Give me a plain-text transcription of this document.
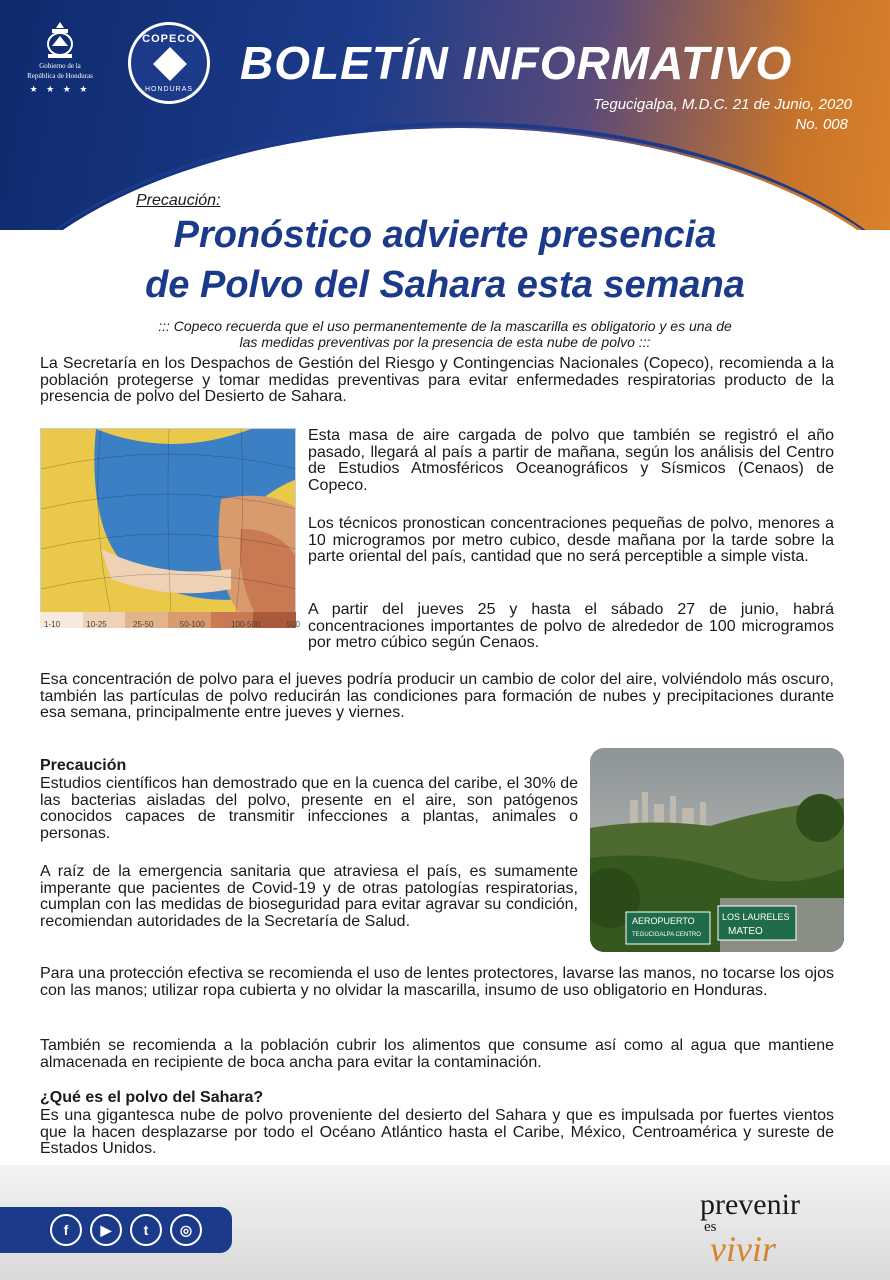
Gobierno de la
República de Honduras
★ ★ ★ ★
COPECO
HONDURAS
BOLETÍN INFORMATIVO
Tegucigalpa, M.D.C. 21 de Junio, 2020
No. 008
Precaución:
Pronóstico advierte presencia
de Polvo del Sahara esta semana
::: Copeco recuerda que el uso permanentemente de la mascarilla es obligatorio y es una de
las medidas preventivas por la presencia de esta nube de polvo :::
La Secretaría en los Despachos de Gestión del Riesgo y Contingencias Nacionales (Copeco), recomienda a la población protegerse y tomar medidas preventivas para evitar enfermedades respiratorias producto de la presencia de polvo del Desierto de Sahara.
1-10	10-25	25-50	50-100	100-500	500
Esta masa de aire cargada de polvo que también se registró el año pasado, llegará al país a partir de mañana, según los análisis del Centro de Estudios Atmosféricos Oceanográficos y Sísmicos (Cenaos) de Copeco.
Los técnicos pronostican concentraciones pequeñas de polvo, menores a 10 microgramos por metro cubico, desde mañana por la tarde sobre la parte oriental del país, cantidad que no será perceptible a simple vista.
A partir del jueves 25 y hasta el sábado 27 de junio, habrá concentraciones importantes de polvo de alrededor de 100 microgramos por metro cúbico según Cenaos.
Esa concentración de polvo para el jueves podría producir un cambio de color del aire, volviéndolo más oscuro, también las partículas de polvo reducirán las condiciones para formación de nubes y precipitaciones durante esa semana, principalmente entre jueves y viernes.
Precaución
Estudios científicos han demostrado que en la cuenca del caribe, el 30% de las bacterias aisladas del polvo, presente en el aire, son patógenos conocidos capaces de transmitir infecciones a plantas, animales o personas.
A raíz de la emergencia sanitaria que atraviesa el país, es sumamente imperante que pacientes de Covid-19 y de otras patologías respiratorias, cumplan con las medidas de bioseguridad para evitar agravar su condición, recomiendan autoridades de la Secretaría de Salud.	AEROPUERTO
TEGUCIGALPA CENTRO
LOS LAURELES
MATEO
Para una protección efectiva se recomienda el uso de lentes protectores, lavarse las manos, no tocarse los ojos con las manos; utilizar ropa cubierta y no olvidar la mascarilla, insumo de uso obligatorio en Honduras.
También se recomienda a la población cubrir los alimentos que consume así como al agua que mantiene almacenada en recipiente de boca ancha para evitar la contaminación.
¿Qué es el polvo del Sahara?
Es una gigantesca nube de polvo proveniente del desierto del Sahara y que es impulsada por fuertes vientos que la hacen desplazarse por todo el Océano Atlántico hasta el Caribe, México, Centroamérica y sureste de Estados Unidos.
f	▶	t	◎
prevenir
es
vivir
